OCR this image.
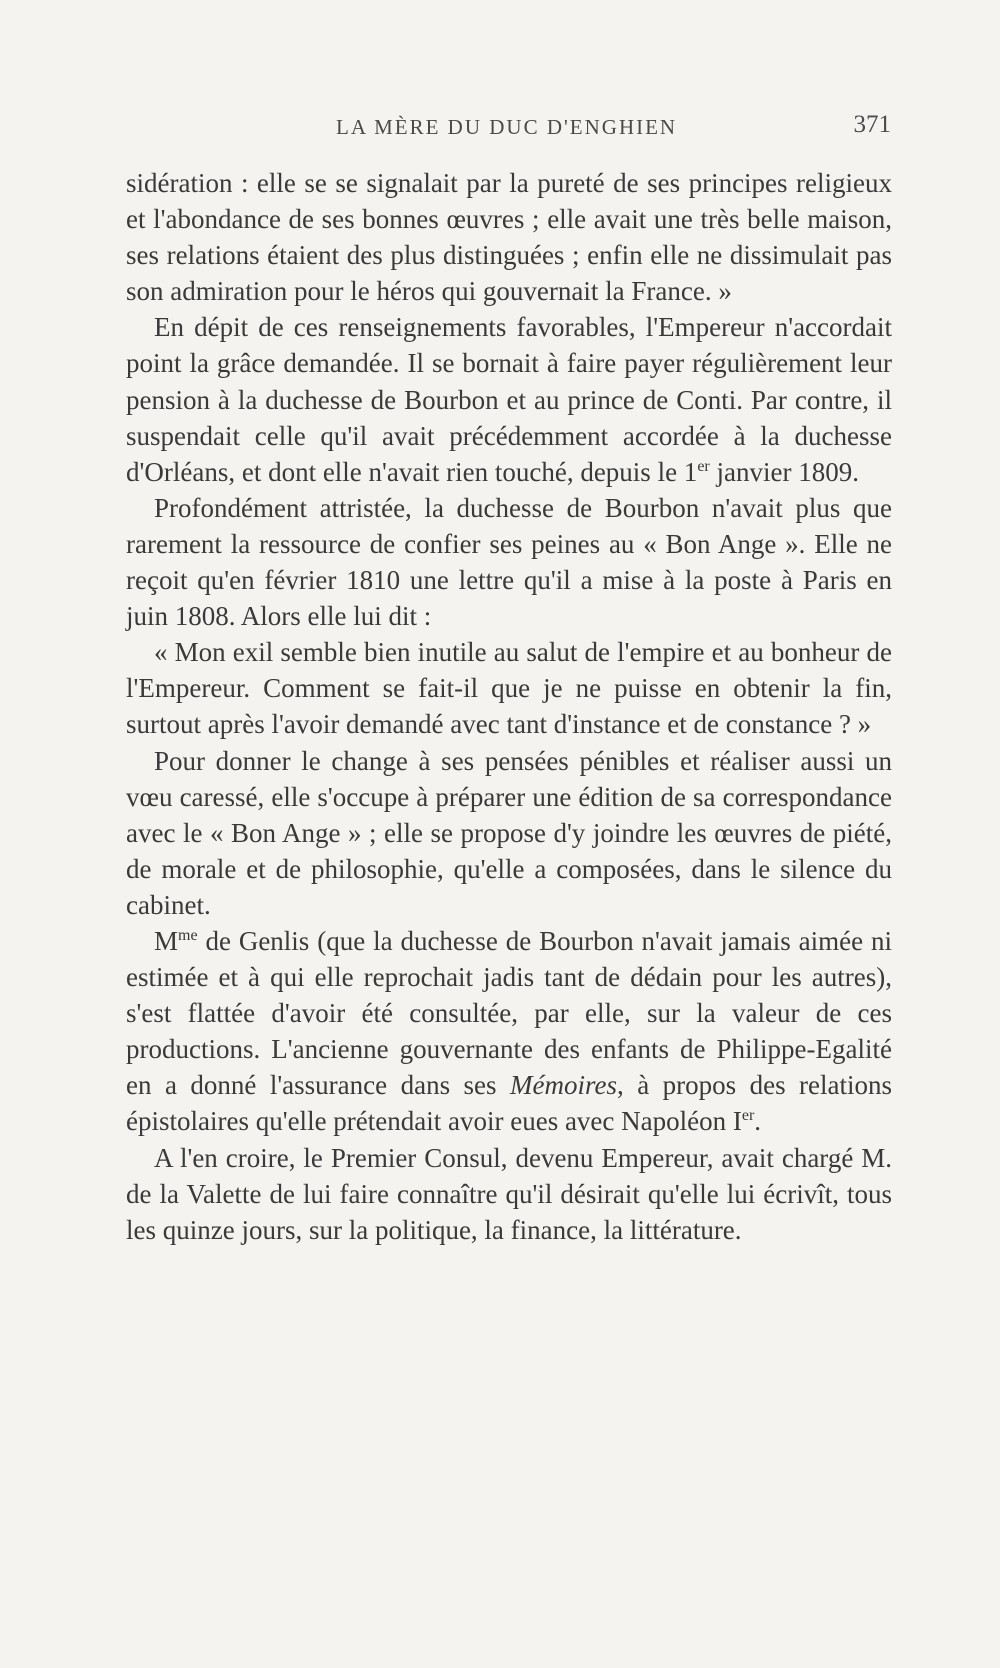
LA MÈRE DU DUC D'ENGHIEN	371

sidération : elle se se signalait par la pureté de ses principes religieux et l'abondance de ses bonnes œuvres ; elle avait une très belle maison, ses relations étaient des plus distinguées ; enfin elle ne dissimulait pas son admiration pour le héros qui gouvernait la France. »

En dépit de ces renseignements favorables, l'Empereur n'accordait point la grâce demandée. Il se bornait à faire payer régulièrement leur pension à la duchesse de Bourbon et au prince de Conti. Par contre, il suspendait celle qu'il avait précédemment accordée à la duchesse d'Orléans, et dont elle n'avait rien touché, depuis le 1er janvier 1809.

Profondément attristée, la duchesse de Bourbon n'avait plus que rarement la ressource de confier ses peines au « Bon Ange ». Elle ne reçoit qu'en février 1810 une lettre qu'il a mise à la poste à Paris en juin 1808. Alors elle lui dit :

« Mon exil semble bien inutile au salut de l'empire et au bonheur de l'Empereur. Comment se fait-il que je ne puisse en obtenir la fin, surtout après l'avoir demandé avec tant d'instance et de constance ? »

Pour donner le change à ses pensées pénibles et réaliser aussi un vœu caressé, elle s'occupe à préparer une édition de sa correspondance avec le « Bon Ange » ; elle se propose d'y joindre les œuvres de piété, de morale et de philosophie, qu'elle a composées, dans le silence du cabinet.

$M^{me}$ de Genlis (que la duchesse de Bourbon n'avait jamais aimée ni estimée et à qui elle reprochait jadis tant de dédain pour les autres), s'est flattée d'avoir été consultée, par elle, sur la valeur de ces productions. L'ancienne gouvernante des enfants de Philippe-Egalité en a donné l'assurance dans ses Mémoires, à propos des relations épistolaires qu'elle prétendait avoir eues avec Napoléon Ier.

A l'en croire, le Premier Consul, devenu Empereur, avait chargé M. de la Valette de lui faire connaître qu'il désirait qu'elle lui écrivît, tous les quinze jours, sur la politique, la finance, la littérature.
